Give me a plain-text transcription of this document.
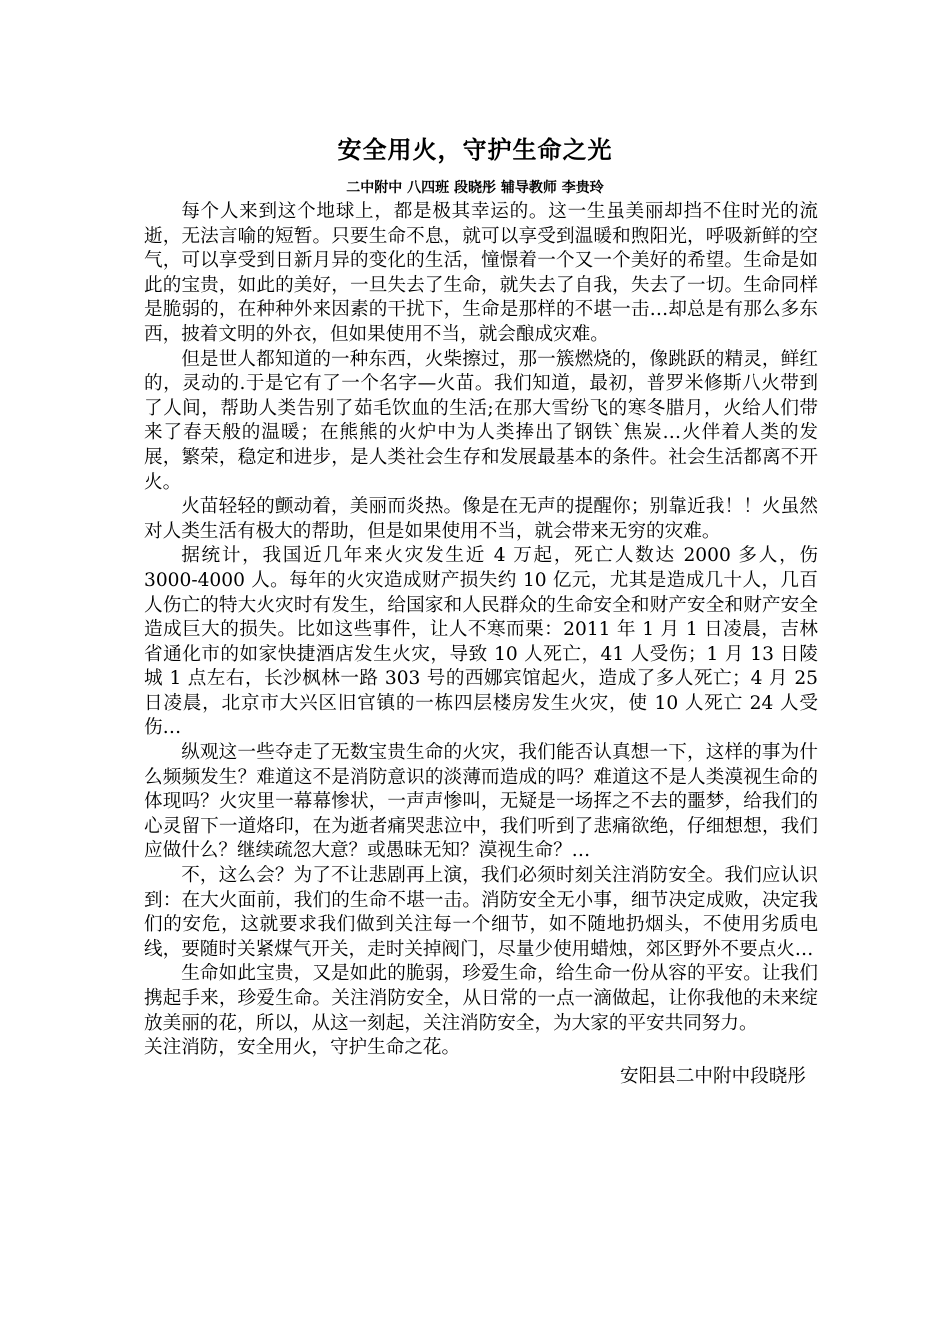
安全用火，守护生命之光
二中附中 八四班 段晓彤 辅导教师 李贵玲

每个人来到这个地球上，都是极其幸运的。这一生虽美丽却挡不住时光的流逝，无法言喻的短暂。只要生命不息，就可以享受到温暖和煦阳光，呼吸新鲜的空气，可以享受到日新月异的变化的生活，憧憬着一个又一个美好的希望。生命是如此的宝贵，如此的美好，一旦失去了生命，就失去了自我，失去了一切。生命同样是脆弱的，在种种外来因素的干扰下，生命是那样的不堪一击…却总是有那么多东西，披着文明的外衣，但如果使用不当，就会酿成灾难。

但是世人都知道的一种东西，火柴擦过，那一簇燃烧的，像跳跃的精灵，鲜红的，灵动的.于是它有了一个名字—火苗。我们知道，最初，普罗米修斯八火带到了人间，帮助人类告别了茹毛饮血的生活;在那大雪纷飞的寒冬腊月，火给人们带来了春天般的温暖；在熊熊的火炉中为人类捧出了钢铁`焦炭…火伴着人类的发展，繁荣，稳定和进步，是人类社会生存和发展最基本的条件。社会生活都离不开火。

火苗轻轻的颤动着，美丽而炎热。像是在无声的提醒你；别靠近我！！火虽然对人类生活有极大的帮助，但是如果使用不当，就会带来无穷的灾难。

据统计，我国近几年来火灾发生近 4 万起，死亡人数达 2000 多人，伤 3000-4000 人。每年的火灾造成财产损失约 10 亿元，尤其是造成几十人，几百人伤亡的特大火灾时有发生，给国家和人民群众的生命安全和财产安全和财产安全造成巨大的损失。比如这些事件，让人不寒而栗：2011 年 1 月 1 日凌晨，吉林省通化市的如家快捷酒店发生火灾，导致 10 人死亡，41 人受伤；1 月 13 日陵城 1 点左右，长沙枫林一路 303 号的西娜宾馆起火，造成了多人死亡；4 月 25 日凌晨，北京市大兴区旧官镇的一栋四层楼房发生火灾，使 10 人死亡 24 人受伤…

纵观这一些夺走了无数宝贵生命的火灾，我们能否认真想一下，这样的事为什么频频发生？难道这不是消防意识的淡薄而造成的吗？难道这不是人类漠视生命的体现吗？火灾里一幕幕惨状，一声声惨叫，无疑是一场挥之不去的噩梦，给我们的心灵留下一道烙印，在为逝者痛哭悲泣中，我们听到了悲痛欲绝，仔细想想，我们应做什么？继续疏忽大意？或愚昧无知？漠视生命？…

不，这么会？为了不让悲剧再上演，我们必须时刻关注消防安全。我们应认识到：在大火面前，我们的生命不堪一击。消防安全无小事，细节决定成败，决定我们的安危，这就要求我们做到关注每一个细节，如不随地扔烟头，不使用劣质电线，要随时关紧煤气开关，走时关掉阀门，尽量少使用蜡烛，郊区野外不要点火…

生命如此宝贵，又是如此的脆弱，珍爱生命，给生命一份从容的平安。让我们携起手来，珍爱生命。关注消防安全，从日常的一点一滴做起，让你我他的未来绽放美丽的花，所以，从这一刻起，关注消防安全，为大家的平安共同努力。

关注消防，安全用火，守护生命之花。

安阳县二中附中段晓彤
